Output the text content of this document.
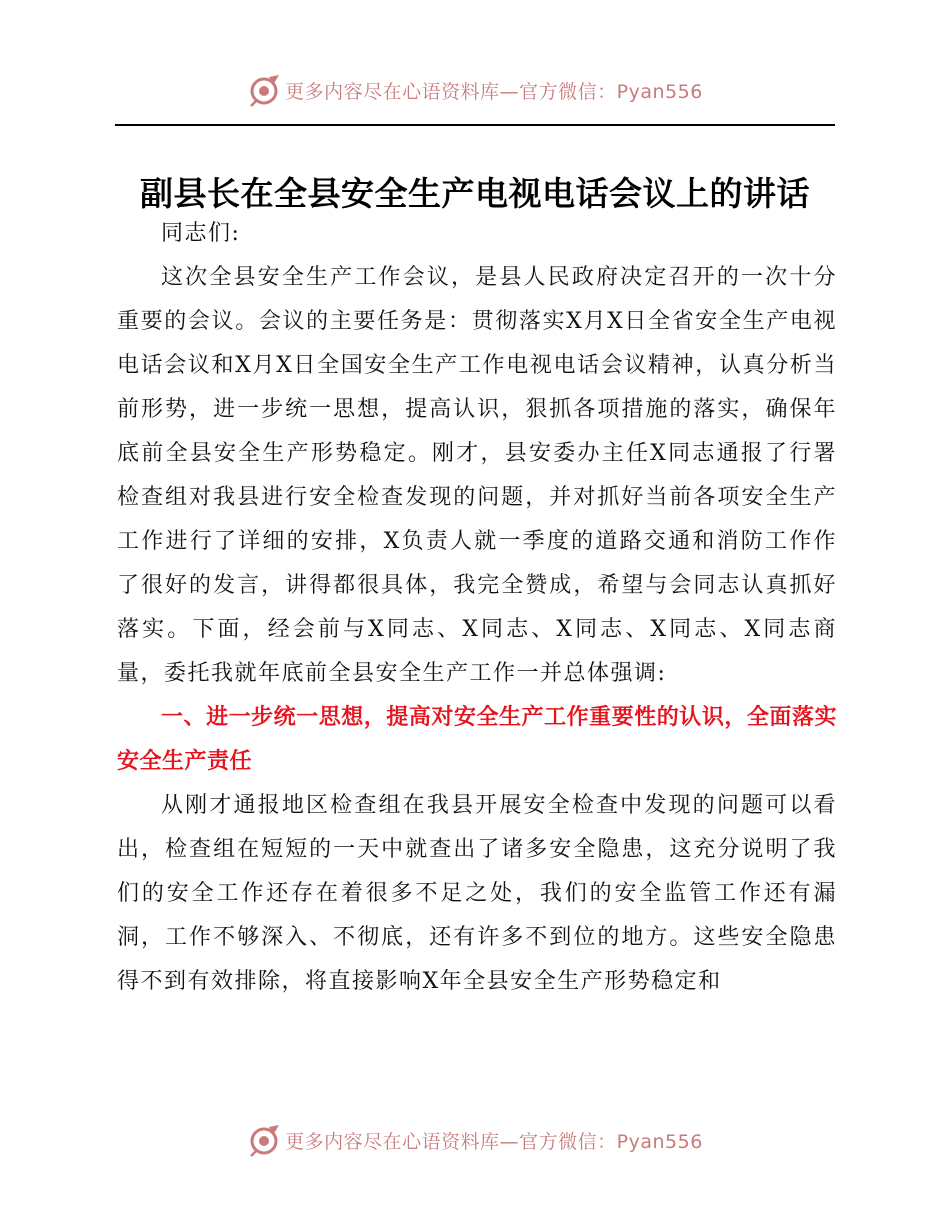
更多内容尽在心语资料库—官方微信：Pyan556
副县长在全县安全生产电视电话会议上的讲话

同志们:

这次全县安全生产工作会议，是县人民政府决定召开的一次十分重要的会议。会议的主要任务是：贯彻落实X月X日全省安全生产电视电话会议和X月X日全国安全生产工作电视电话会议精神，认真分析当前形势，进一步统一思想，提高认识，狠抓各项措施的落实，确保年底前全县安全生产形势稳定。刚才，县安委办主任X同志通报了行署检查组对我县进行安全检查发现的问题，并对抓好当前各项安全生产工作进行了详细的安排，X负责人就一季度的道路交通和消防工作作了很好的发言，讲得都很具体，我完全赞成，希望与会同志认真抓好落实。下面，经会前与X同志、X同志、X同志、X同志、X同志商量，委托我就年底前全县安全生产工作一并总体强调:

一、进一步统一思想，提高对安全生产工作重要性的认识，全面落实安全生产责任

从刚才通报地区检查组在我县开展安全检查中发现的问题可以看出，检查组在短短的一天中就查出了诸多安全隐患，这充分说明了我们的安全工作还存在着很多不足之处，我们的安全监管工作还有漏洞，工作不够深入、不彻底，还有许多不到位的地方。这些安全隐患得不到有效排除，将直接影响X年全县安全生产形势稳定和

更多内容尽在心语资料库—官方微信：Pyan556
